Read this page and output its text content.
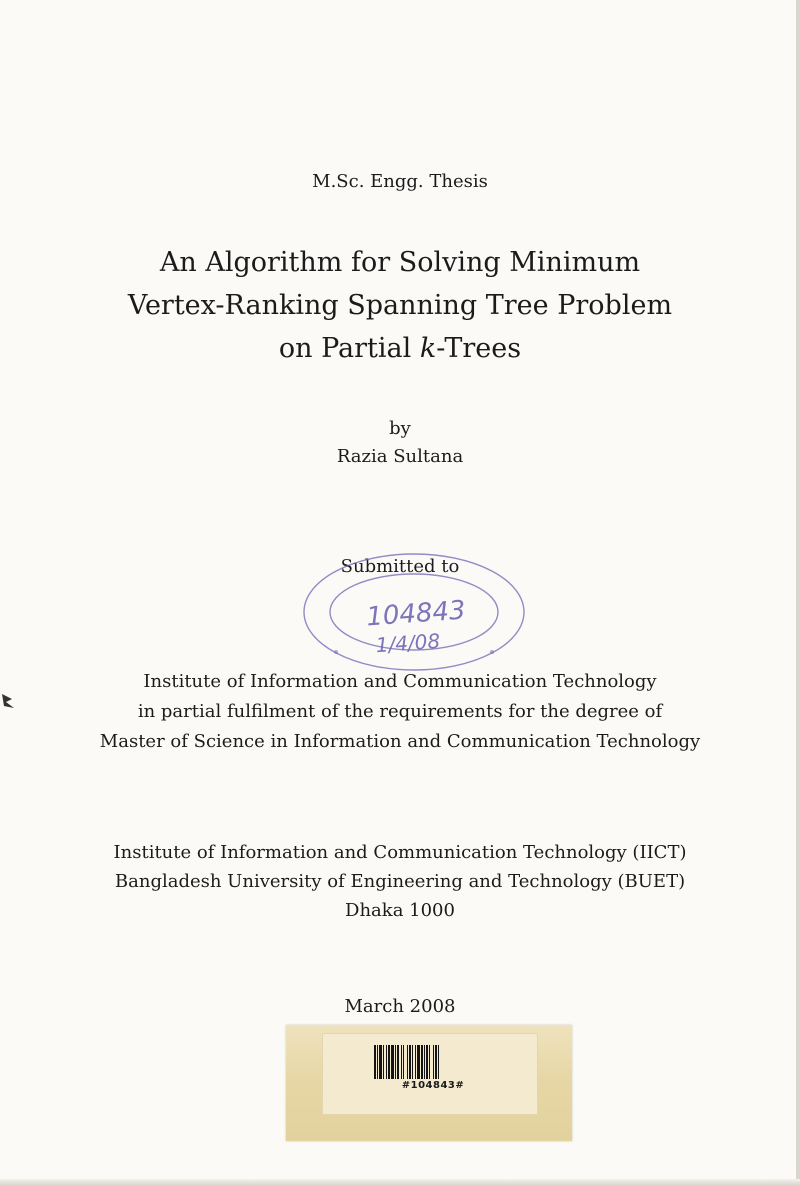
M.Sc. Engg. Thesis
An Algorithm for Solving Minimum
Vertex-Ranking Spanning Tree Problem
on Partial k-Trees
by
Razia Sultana
Submitted to
104843
1/4/08
Institute of Information and Communication Technology
in partial fulfilment of the requirements for the degree of
Master of Science in Information and Communication Technology
Institute of Information and Communication Technology (IICT)
Bangladesh University of Engineering and Technology (BUET)
Dhaka 1000
March 2008
#104843#
